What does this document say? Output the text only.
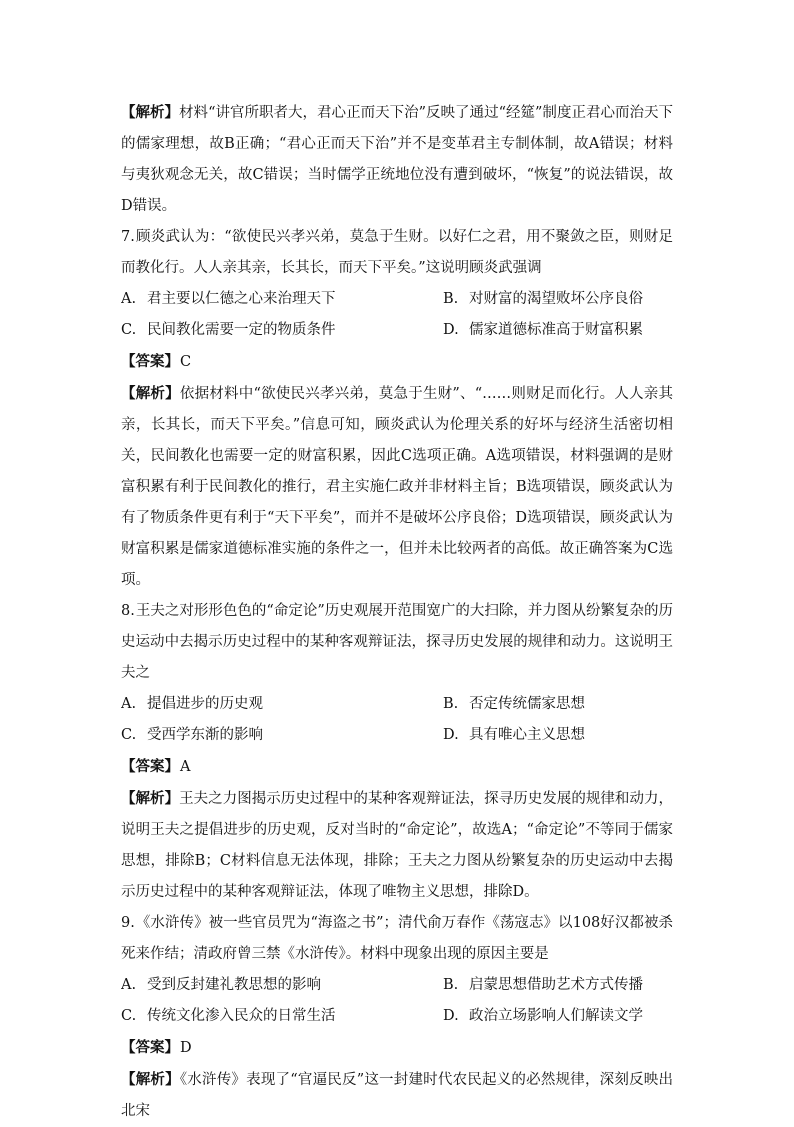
【解析】材料“讲官所职者大，君心正而天下治”反映了通过“经筵”制度正君心而治天下的儒家理想，故B正确；“君心正而天下治”并不是变革君主专制体制，故A错误；材料与夷狄观念无关，故C错误；当时儒学正统地位没有遭到破坏，“恢复”的说法错误，故D错误。

7.顾炎武认为：“欲使民兴孝兴弟，莫急于生财。以好仁之君，用不聚敛之臣，则财足而教化行。人人亲其亲，长其长，而天下平矣。”这说明顾炎武强调

A. 君主要以仁德之心来治理天下	B. 对财富的渴望败坏公序良俗
C. 民间教化需要一定的物质条件	D. 儒家道德标准高于财富积累

【答案】C

【解析】依据材料中“欲使民兴孝兴弟，莫急于生财”、“……则财足而化行。人人亲其亲，长其长，而天下平矣。”信息可知，顾炎武认为伦理关系的好坏与经济生活密切相关，民间教化也需要一定的财富积累，因此C选项正确。A选项错误，材料强调的是财富积累有利于民间教化的推行，君主实施仁政并非材料主旨；B选项错误，顾炎武认为有了物质条件更有利于“天下平矣”，而并不是破坏公序良俗；D选项错误，顾炎武认为财富积累是儒家道德标准实施的条件之一，但并未比较两者的高低。故正确答案为C选项。

8.王夫之对形形色色的“命定论”历史观展开范围宽广的大扫除，并力图从纷繁复杂的历史运动中去揭示历史过程中的某种客观辩证法，探寻历史发展的规律和动力。这说明王夫之

A. 提倡进步的历史观	B. 否定传统儒家思想
C. 受西学东渐的影响	D. 具有唯心主义思想

【答案】A

【解析】王夫之力图揭示历史过程中的某种客观辩证法，探寻历史发展的规律和动力，说明王夫之提倡进步的历史观，反对当时的“命定论”，故选A；“命定论”不等同于儒家思想，排除B；C材料信息无法体现，排除；王夫之力图从纷繁复杂的历史运动中去揭示历史过程中的某种客观辩证法，体现了唯物主义思想，排除D。

9.《水浒传》被一些官员咒为“海盗之书”；清代俞万春作《荡寇志》以108好汉都被杀死来作结；清政府曾三禁《水浒传》。材料中现象出现的原因主要是

A. 受到反封建礼教思想的影响	B. 启蒙思想借助艺术方式传播
C. 传统文化渗入民众的日常生活	D. 政治立场影响人们解读文学

【答案】D

【解析】《水浒传》表现了“官逼民反”这一封建时代农民起义的必然规律，深刻反映出北宋
